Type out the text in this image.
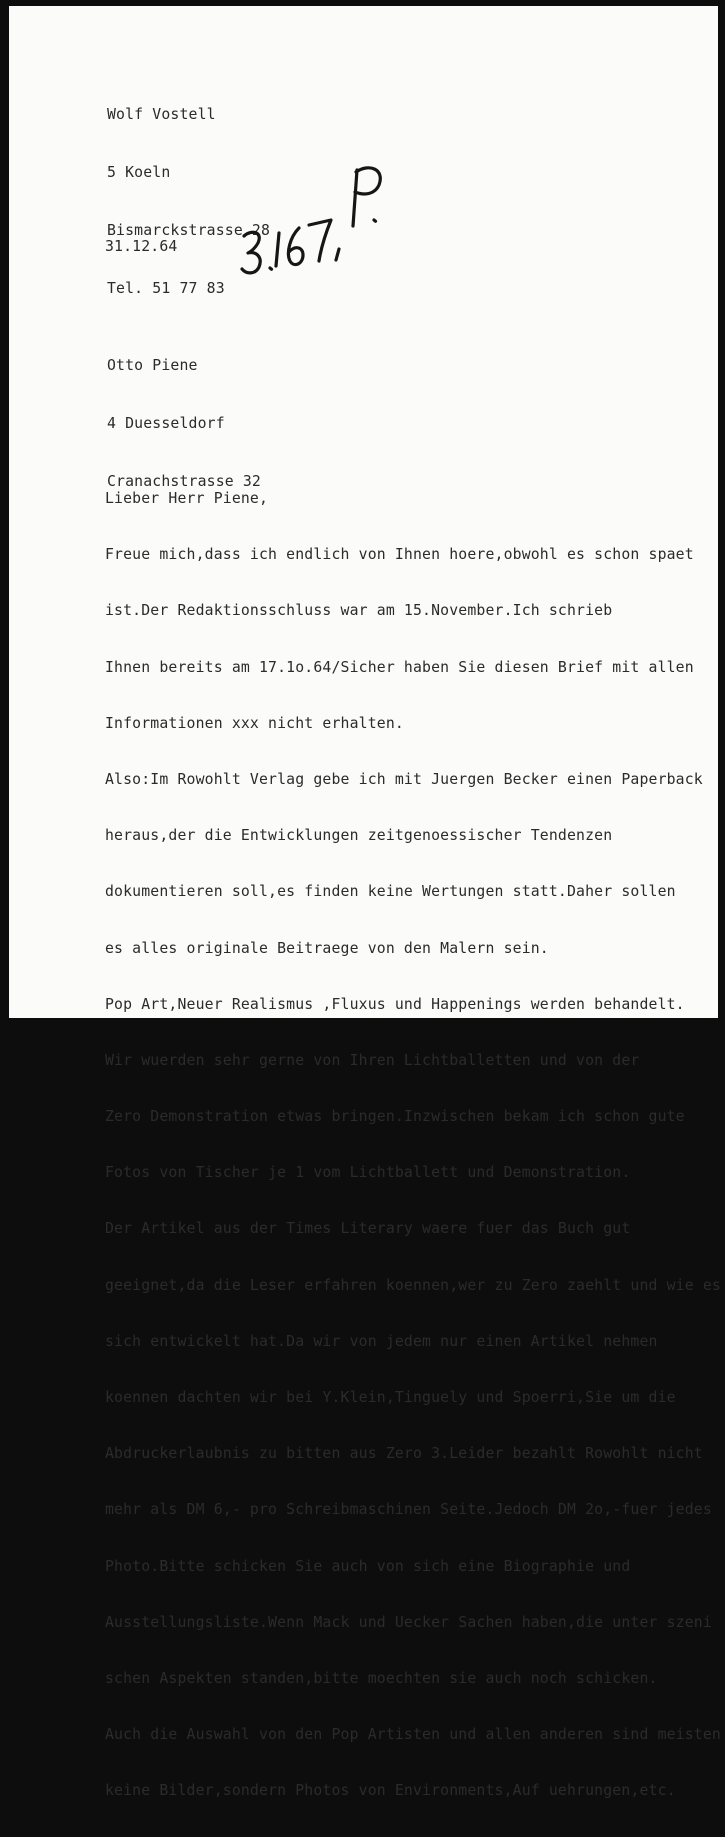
Wolf Vostell

5 Koeln

Bismarckstrasse 28

Tel. 51 77 83

31.12.64

Otto Piene

4 Duesseldorf

Cranachstrasse 32

Lieber Herr Piene,

Freue mich,dass ich endlich von Ihnen hoere,obwohl es schon spaet

ist.Der Redaktionsschluss war am 15.November.Ich schrieb

Ihnen bereits am 17.1o.64/Sicher haben Sie diesen Brief mit allen

Informationen xxx nicht erhalten.

Also:Im Rowohlt Verlag gebe ich mit Juergen Becker einen Paperback

heraus,der die Entwicklungen zeitgenoessischer Tendenzen

dokumentieren soll,es finden keine Wertungen statt.Daher sollen

es alles originale Beitraege von den Malern sein.

Pop Art,Neuer Realismus ,Fluxus und Happenings werden behandelt.

Wir wuerden sehr gerne von Ihren Lichtballetten und von der

Zero Demonstration etwas bringen.Inzwischen bekam ich schon gute

Fotos von Tischer je 1 vom Lichtballett und Demonstration.

Der Artikel aus der Times Literary waere fuer das Buch gut

geeignet,da die Leser erfahren koennen,wer zu Zero zaehlt und wie es

sich entwickelt hat.Da wir von jedem nur einen Artikel nehmen

koennen dachten wir bei Y.Klein,Tinguely und Spoerri,Sie um die

Abdruckerlaubnis zu bitten aus Zero 3.Leider bezahlt Rowohlt nicht

mehr als DM 6,- pro Schreibmaschinen Seite.Jedoch DM 2o,-fuer jedes

Photo.Bitte schicken Sie auch von sich eine Biographie und

Ausstellungsliste.Wenn Mack und Uecker Sachen haben,die unter szeni

schen Aspekten standen,bitte moechten sie auch noch schicken.

Auch die Auswahl von den Pop Artisten und allen anderen sind meisten

keine Bilder,sondern Photos von Environments,Auf uehrungen,etc.
